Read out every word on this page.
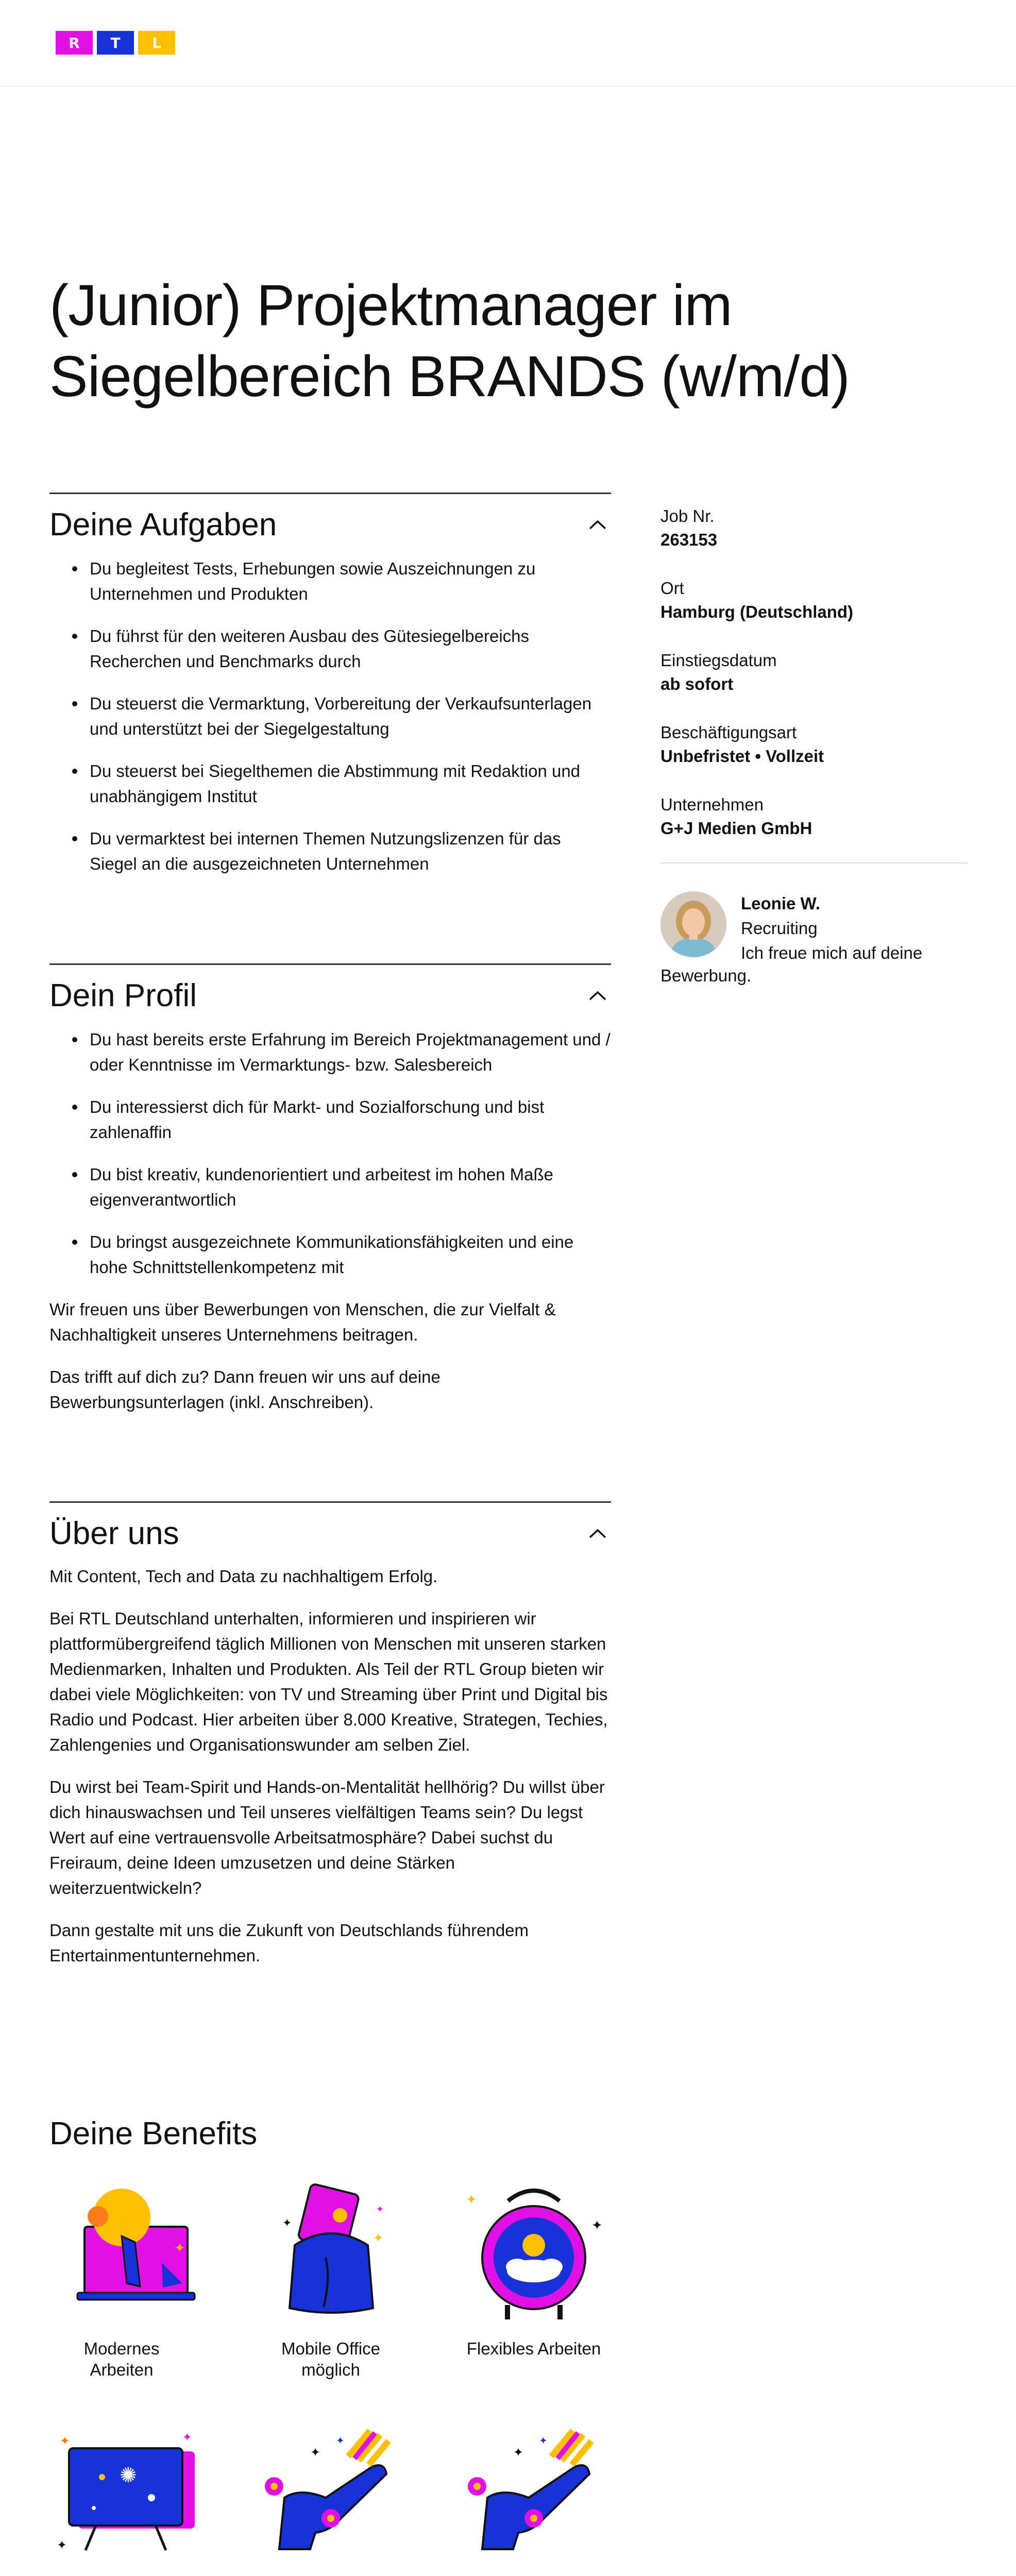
R	T	L
(Junior) Projektmanager im Siegelbereich BRANDS (w/m/d)
Deine Aufgaben
Du begleitest Tests, Erhebungen sowie Auszeichnungen zu Unternehmen und Produkten
Du führst für den weiteren Ausbau des Gütesiegelbereichs Recherchen und Benchmarks durch
Du steuerst die Vermarktung, Vorbereitung der Verkaufsunterlagen und unterstützt bei der Siegelgestaltung
Du steuerst bei Siegelthemen die Abstimmung mit Redaktion und unabhängigem Institut
Du vermarktest bei internen Themen Nutzungslizenzen für das Siegel an die ausgezeichneten Unternehmen
Dein Profil
Du hast bereits erste Erfahrung im Bereich Projektmanagement und / oder Kenntnisse im Vermarktungs- bzw. Salesbereich
Du interessierst dich für Markt- und Sozialforschung und bist zahlenaffin
Du bist kreativ, kundenorientiert und arbeitest im hohen Maße eigenverantwortlich
Du bringst ausgezeichnete Kommunikationsfähigkeiten und eine hohe Schnittstellenkompetenz mit

Wir freuen uns über Bewerbungen von Menschen, die zur Vielfalt & Nachhaltigkeit unseres Unternehmens beitragen.

Das trifft auf dich zu? Dann freuen wir uns auf deine Bewerbungsunterlagen (inkl. Anschreiben).

Über uns

Mit Content, Tech and Data zu nachhaltigem Erfolg.

Bei RTL Deutschland unterhalten, informieren und inspirieren wir plattformübergreifend täglich Millionen von Menschen mit unseren starken Medienmarken, Inhalten und Produkten. Als Teil der RTL Group bieten wir dabei viele Möglichkeiten: von TV und Streaming über Print und Digital bis Radio und Podcast. Hier arbeiten über 8.000 Kreative, Strategen, Techies, Zahlengenies und Organisationswunder am selben Ziel.

Du wirst bei Team-Spirit und Hands-on-Mentalität hellhörig? Du willst über dich hinauswachsen und Teil unseres vielfältigen Teams sein? Du legst Wert auf eine vertrauensvolle Arbeitsatmosphäre? Dabei suchst du Freiraum, deine Ideen umzusetzen und deine Stärken weiterzuentwickeln?

Dann gestalte mit uns die Zukunft von Deutschlands führendem Entertainmentunternehmen.

Job Nr.
263153
Ort
Hamburg (Deutschland)
Einstiegsdatum
ab sofort
Beschäftigungsart
Unbefristet • Vollzeit
Unternehmen
G+J Medien GmbH
Leonie W.
Recruiting
Ich freue mich auf deine
Bewerbung.
Deine Benefits
✦
Modernes
Arbeiten
✦
✦
✦
Mobile Office
möglich
✦
✦
Flexibles Arbeiten
✺
✦	✦
✦
✦
✦
✦
✦
